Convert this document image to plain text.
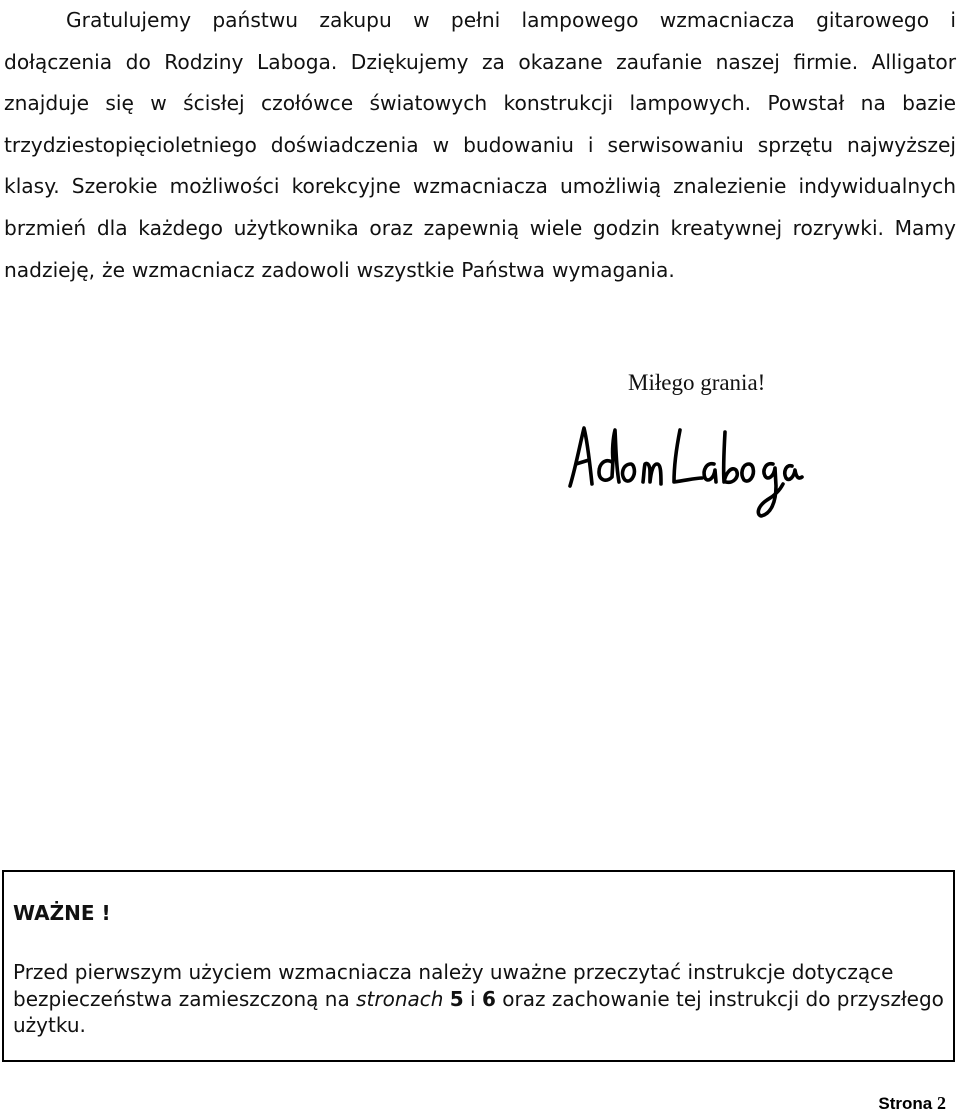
Gratulujemy państwu zakupu w pełni lampowego wzmacniacza gitarowego i dołączenia do Rodziny Laboga. Dziękujemy za okazane zaufanie naszej firmie. Alligator znajduje się w ścisłej czołówce światowych konstrukcji lampowych. Powstał na bazie trzydziestopięcioletniego doświadczenia w budowaniu i serwisowaniu sprzętu najwyższej klasy. Szerokie możliwości korekcyjne wzmacniacza umożliwią znalezienie indywidualnych brzmień dla każdego użytkownika oraz zapewnią wiele godzin kreatywnej rozrywki. Mamy nadzieję, że wzmacniacz zadowoli wszystkie Państwa wymagania.

Miłego grania!

WAŻNE !

Przed pierwszym użyciem wzmacniacza należy uważne przeczytać instrukcje dotyczące bezpieczeństwa zamieszczoną na stronach 5 i 6 oraz zachowanie tej instrukcji do przyszłego użytku.

Strona 2
